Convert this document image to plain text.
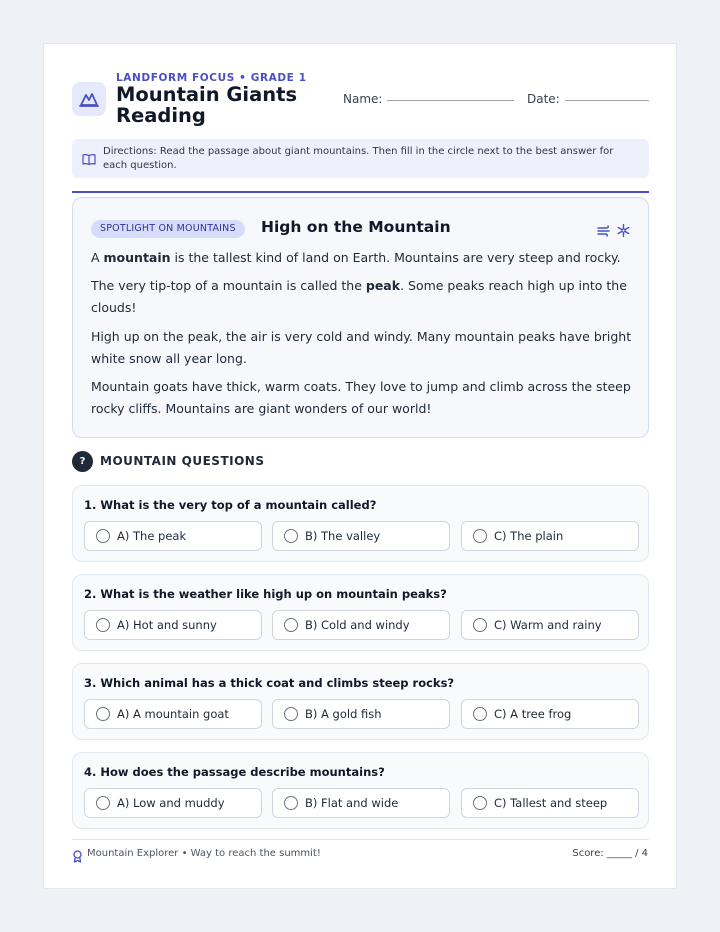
LANDFORM FOCUS • GRADE 1
Mountain Giants Reading
Name:	Date:

Directions: Read the passage about giant mountains. Then fill in the circle next to the best answer for each question.

SPOTLIGHT ON MOUNTAINS	High on the Mountain

A mountain is the tallest kind of land on Earth. Mountains are very steep and rocky.

The very tip-top of a mountain is called the peak. Some peaks reach high up into the clouds!

High up on the peak, the air is very cold and windy. Many mountain peaks have bright white snow all year long.

Mountain goats have thick, warm coats. They love to jump and climb across the steep rocky cliffs. Mountains are giant wonders of our world!

?	MOUNTAIN QUESTIONS
1. What is the very top of a mountain called?
A) The peak	B) The valley	C) The plain
2. What is the weather like high up on mountain peaks?
A) Hot and sunny	B) Cold and windy	C) Warm and rainy
3. Which animal has a thick coat and climbs steep rocks?
A) A mountain goat	B) A gold fish	C) A tree frog
4. How does the passage describe mountains?
A) Low and muddy	B) Flat and wide	C) Tallest and steep
Mountain Explorer • Way to reach the summit!	Score: _____ / 4
